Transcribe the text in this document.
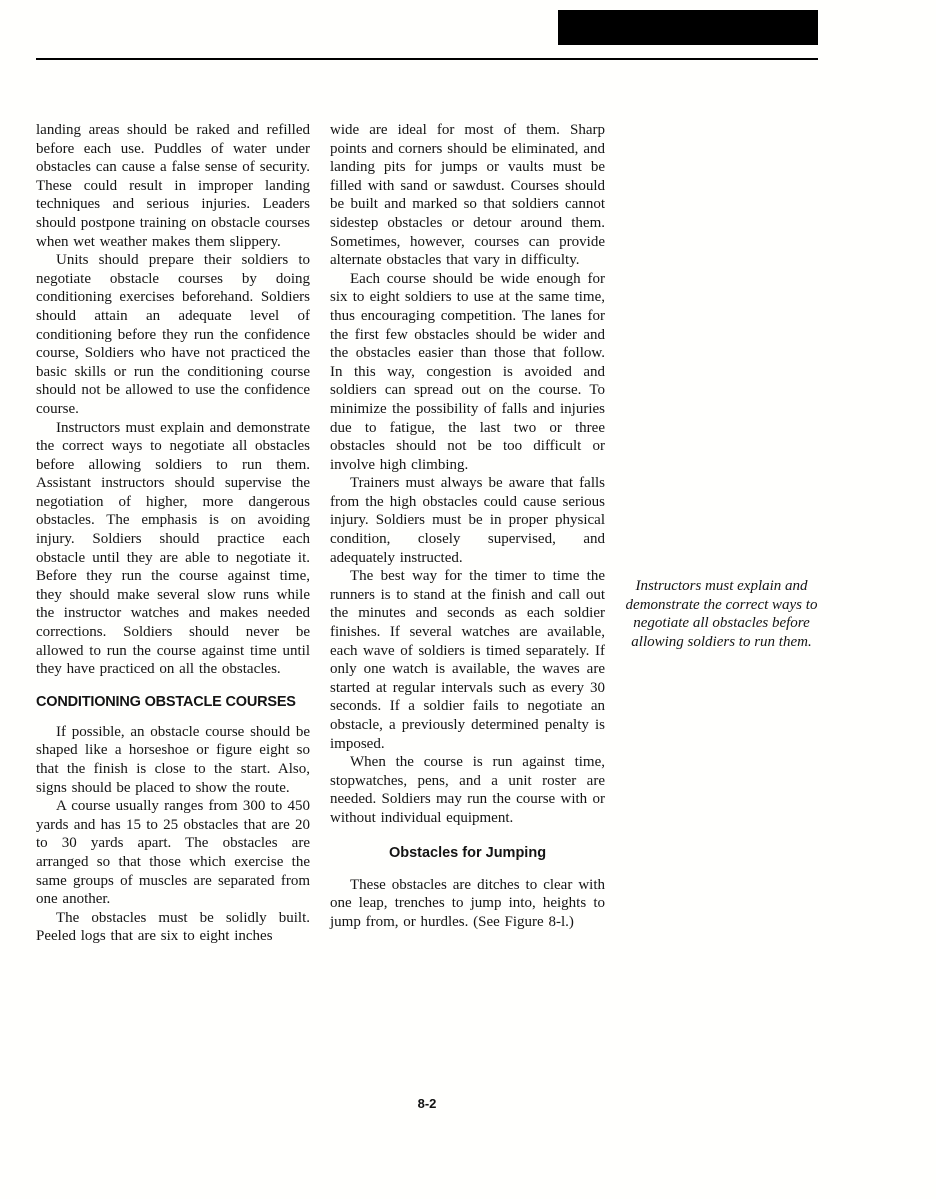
landing areas should be raked and refilled before each use. Puddles of water under obstacles can cause a false sense of security. These could result in improper landing techniques and serious injuries. Leaders should postpone training on obstacle courses when wet weather makes them slippery.

Units should prepare their soldiers to negotiate obstacle courses by doing conditioning exercises beforehand. Soldiers should attain an adequate level of conditioning before they run the confidence course, Soldiers who have not practiced the basic skills or run the conditioning course should not be allowed to use the confidence course.

Instructors must explain and demonstrate the correct ways to negotiate all obstacles before allowing soldiers to run them. Assistant instructors should supervise the negotiation of higher, more dangerous obstacles. The emphasis is on avoiding injury. Soldiers should practice each obstacle until they are able to negotiate it. Before they run the course against time, they should make several slow runs while the instructor watches and makes needed corrections. Soldiers should never be allowed to run the course against time until they have practiced on all the obstacles.

CONDITIONING OBSTACLE COURSES

If possible, an obstacle course should be shaped like a horseshoe or figure eight so that the finish is close to the start. Also, signs should be placed to show the route.

A course usually ranges from 300 to 450 yards and has 15 to 25 obstacles that are 20 to 30 yards apart. The obstacles are arranged so that those which exercise the same groups of muscles are separated from one another.

The obstacles must be solidly built. Peeled logs that are six to eight inches

wide are ideal for most of them. Sharp points and corners should be eliminated, and landing pits for jumps or vaults must be filled with sand or sawdust. Courses should be built and marked so that soldiers cannot sidestep obstacles or detour around them. Sometimes, however, courses can provide alternate obstacles that vary in difficulty.

Each course should be wide enough for six to eight soldiers to use at the same time, thus encouraging competition. The lanes for the first few obstacles should be wider and the obstacles easier than those that follow. In this way, congestion is avoided and soldiers can spread out on the course. To minimize the possibility of falls and injuries due to fatigue, the last two or three obstacles should not be too difficult or involve high climbing.

Trainers must always be aware that falls from the high obstacles could cause serious injury. Soldiers must be in proper physical condition, closely supervised, and adequately instructed.

The best way for the timer to time the runners is to stand at the finish and call out the minutes and seconds as each soldier finishes. If several watches are available, each wave of soldiers is timed separately. If only one watch is available, the waves are started at regular intervals such as every 30 seconds. If a soldier fails to negotiate an obstacle, a previously determined penalty is imposed.

When the course is run against time, stopwatches, pens, and a unit roster are needed. Soldiers may run the course with or without individual equipment.

Obstacles for Jumping

These obstacles are ditches to clear with one leap, trenches to jump into, heights to jump from, or hurdles. (See Figure 8-l.)

Instructors must explain and demonstrate the correct ways to negotiate all obstacles before allowing soldiers to run them.
8-2
